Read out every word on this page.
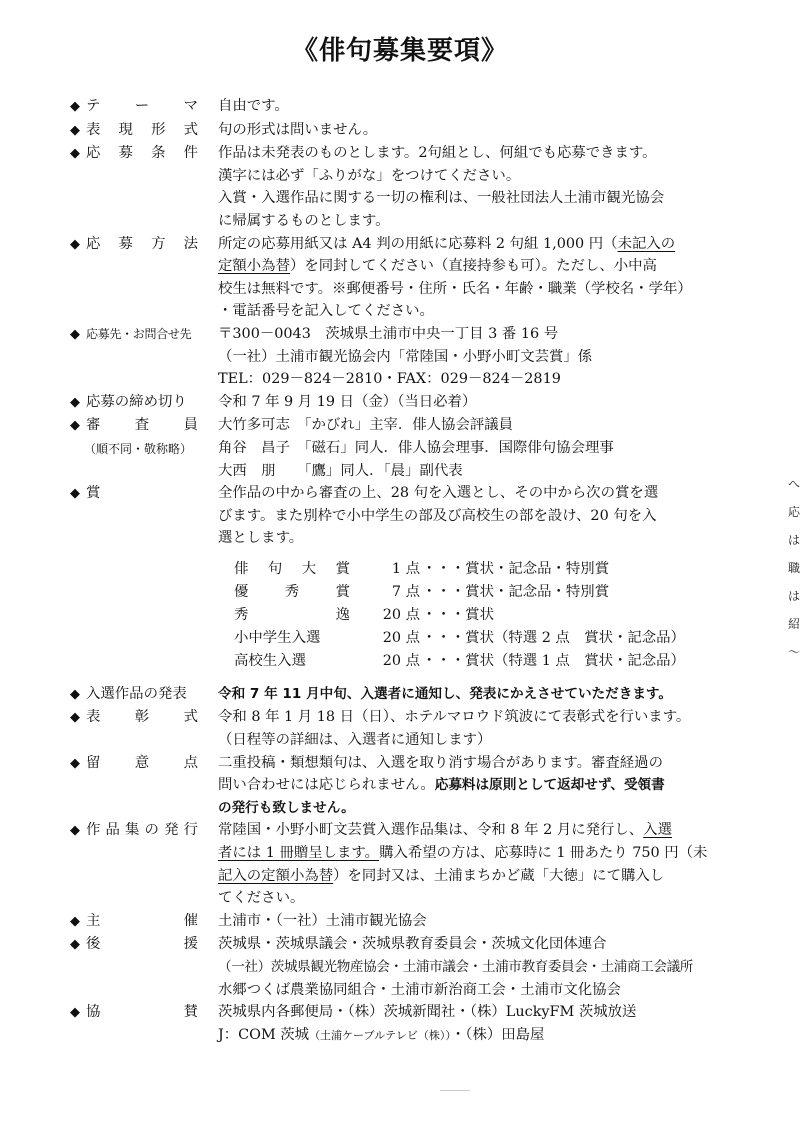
《俳句募集要項》
◆ テ ー マ 自由です。

◆ 表 現 形 式 句の形式は問いません。

◆ 応 募 条 件 作品は未発表のものとします。2句組とし、何組でも応募できます。

漢字には必ず「ふりがな」をつけてください。

入賞・入選作品に関する一切の権利は、一般社団法人土浦市観光協会

に帰属するものとします。

◆ 応 募 方 法 所定の応募用紙又は A4 判の用紙に応募料 2 句組 1,000 円（未記入の

定額小為替）を同封してください（直接持参も可）。ただし、小中高

校生は無料です。※郵便番号・住所・氏名・年齢・職業（学校名・学年）

・電話番号を記入してください。

◆ 応募先・お問合せ先	〒300－0043　茨城県土浦市中央一丁目 3 番 16 号

（一社）土浦市観光協会内「常陸国・小野小町文芸賞」係

TEL：029－824－2810・FAX：029－824－2819

◆ 応募の締め切り	令和 7 年 9 月 19 日（金）（当日必着）

◆ 審 査 員
（順不同・敬称略）

大竹多可志　「かびれ」主宰．俳人協会評議員

角谷　昌子　「磁石」同人．俳人協会理事．国際俳句協会理事

大西　朋　　「鷹」同人．「晨」副代表

◆ 賞	全作品の中から審査の上、28 句を入選とし、その中から次の賞を選

びます。また別枠で小中学生の部及び高校生の部を設け、20 句を入

選とします。

俳 句 大 賞	1 点 ・・・賞状・記念品・特別賞
優	秀	賞	7 点 ・・・賞状・記念品・特別賞
秀	逸	20 点 ・・・賞状
小中学生入選	20 点 ・・・賞状（特選 2 点　賞状・記念品）
高校生入選	20 点 ・・・賞状（特選 1 点　賞状・記念品）
◆ 入選作品の発表	令和 7 年 11 月中旬、入選者に通知し、発表にかえさせていただきます。

◆ 表 彰 式 令和 8 年 1 月 18 日（日）、ホテルマロウド筑波にて表彰式を行います。

（日程等の詳細は、入選者に通知します）

◆ 留 意 点 二重投稿・類想類句は、入選を取り消す場合があります。審査経過の

問い合わせには応じられません。応募料は原則として返却せず、受領書

の発行も致しません。

◆ 作 品 集 の 発 行 常陸国・小野小町文芸賞入選作品集は、令和 8 年 2 月に発行し、入選

者には 1 冊贈呈します。購入希望の方は、応募時に 1 冊あたり 750 円（未

記入の定額小為替）を同封又は、土浦まちかど蔵「大徳」にて購入し

てください。

◆ 主	催 土浦市・（一社）土浦市観光協会

◆ 後	援 茨城県・茨城県議会・茨城県教育委員会・茨城文化団体連合

（一社）茨城県観光物産協会・土浦市議会・土浦市教育委員会・土浦商工会議所

水郷つくば農業協同組合・土浦市新治商工会・土浦市文化協会

◆ 協	賛 茨城県内各郵便局・（株）茨城新聞社・（株）LuckyFM 茨城放送

J：COM 茨城（土浦ケーブルテレビ（株））・（株）田島屋

へ
応
は
職
は
紹
〜
